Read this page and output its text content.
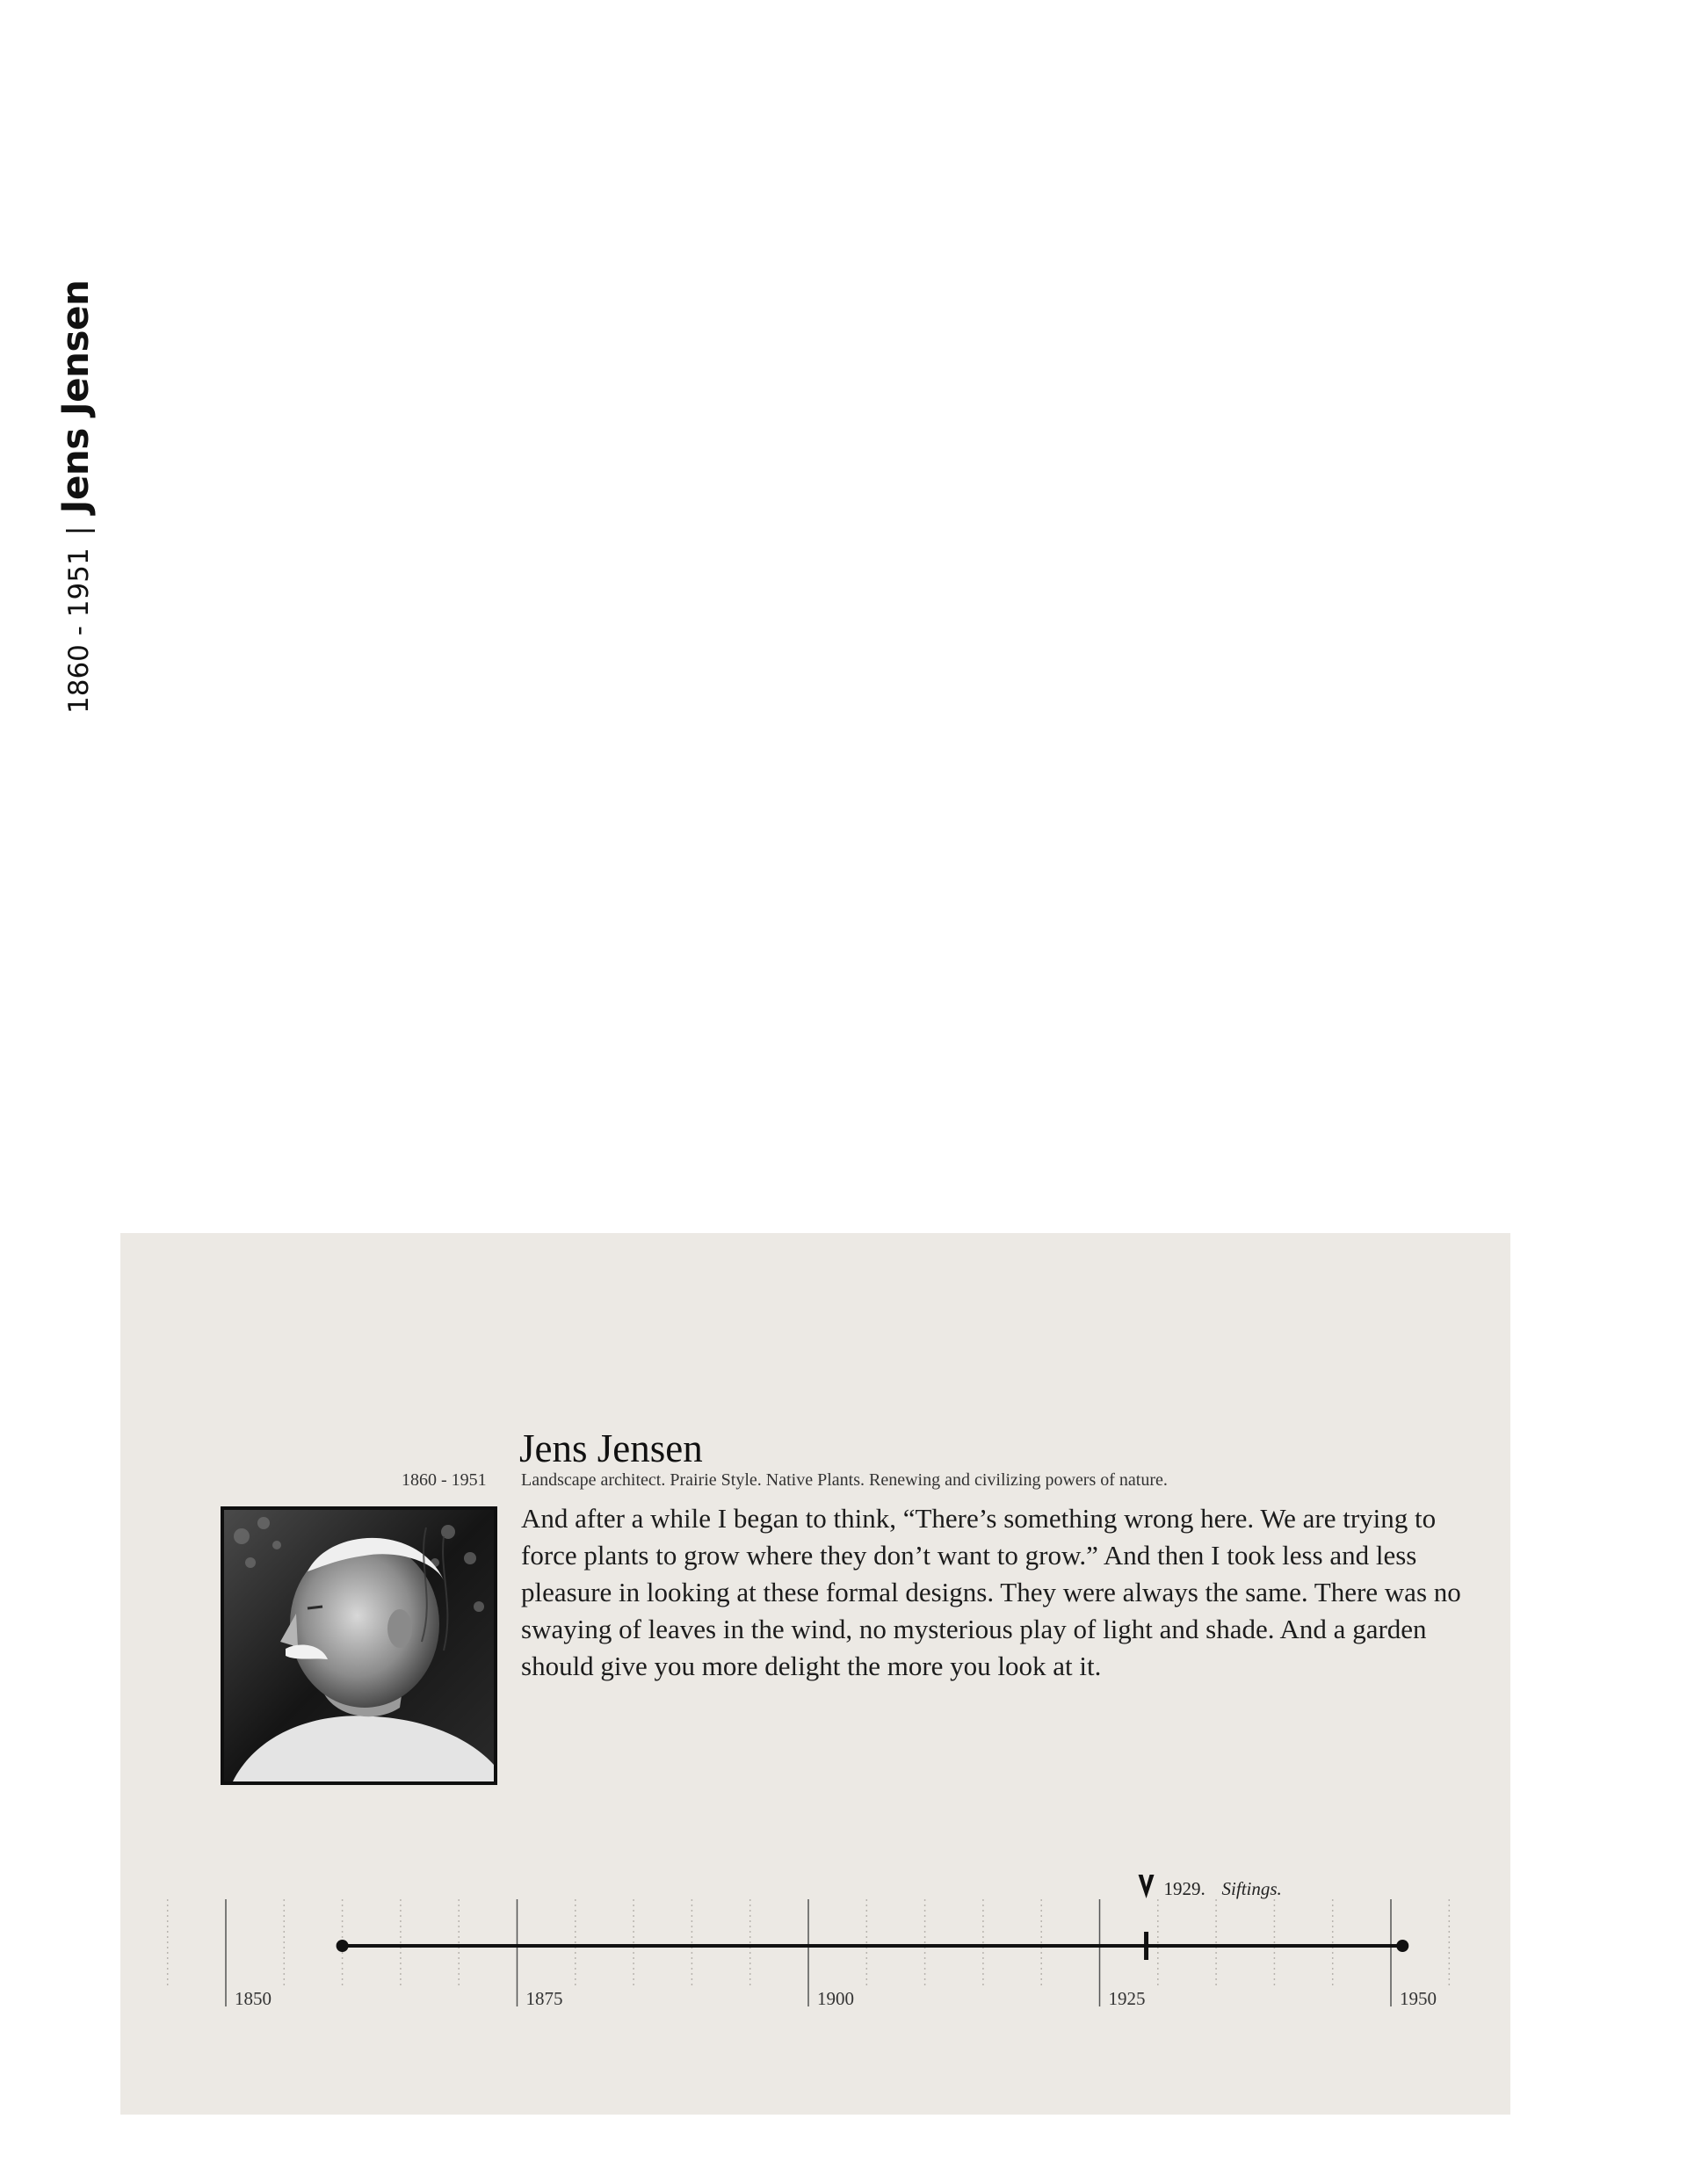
1860 - 1951|Jens Jensen
Jens Jensen
1860 - 1951 Landscape architect. Prairie Style. Native Plants. Renewing and civilizing powers of nature.

And after a while I began to think, “There’s something wrong here. We are trying to force plants to grow where they don’t want to grow.” And then I took less and less pleasure in looking at these formal designs. They were always the same. There was no swaying of leaves in the wind, no mysterious play of light and shade. And a garden should give you more delight the more you look at it.

1850	1875	1900	1925	1950
1929. Siftings.
